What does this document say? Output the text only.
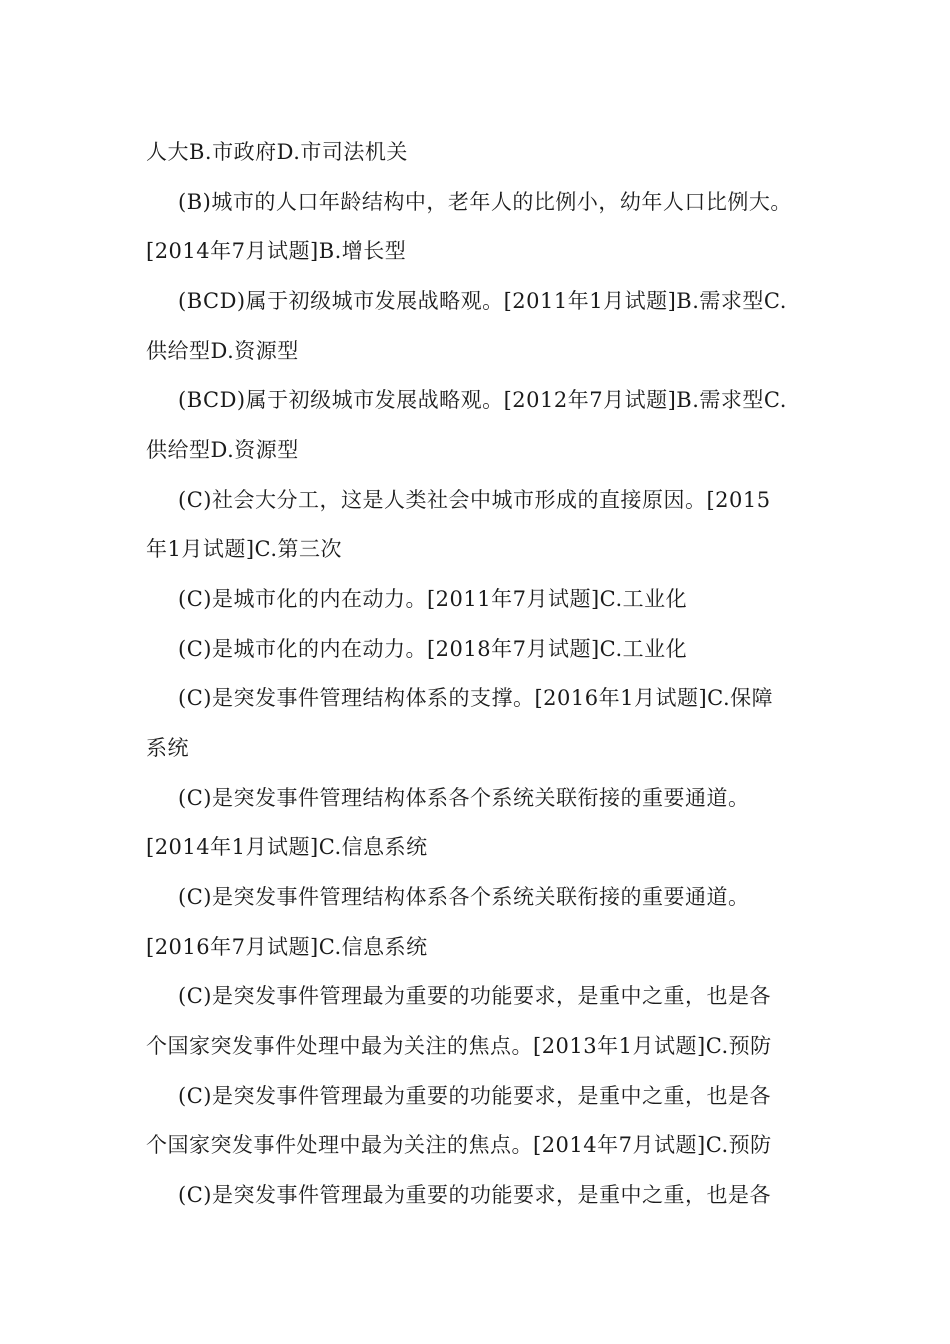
人大B.市政府D.市司法机关
(B)城市的人口年龄结构中，老年人的比例小，幼年人口比例大。
[2014年7月试题]B.增长型
(BCD)属于初级城市发展战略观。[2011年1月试题]B.需求型C.
供给型D.资源型
(BCD)属于初级城市发展战略观。[2012年7月试题]B.需求型C.
供给型D.资源型
(C)社会大分工，这是人类社会中城市形成的直接原因。[2015
年1月试题]C.第三次
(C)是城市化的内在动力。[2011年7月试题]C.工业化
(C)是城市化的内在动力。[2018年7月试题]C.工业化
(C)是突发事件管理结构体系的支撑。[2016年1月试题]C.保障
系统
(C)是突发事件管理结构体系各个系统关联衔接的重要通道。
[2014年1月试题]C.信息系统
(C)是突发事件管理结构体系各个系统关联衔接的重要通道。
[2016年7月试题]C.信息系统
(C)是突发事件管理最为重要的功能要求，是重中之重，也是各
个国家突发事件处理中最为关注的焦点。[2013年1月试题]C.预防
(C)是突发事件管理最为重要的功能要求，是重中之重，也是各
个国家突发事件处理中最为关注的焦点。[2014年7月试题]C.预防
(C)是突发事件管理最为重要的功能要求，是重中之重，也是各
